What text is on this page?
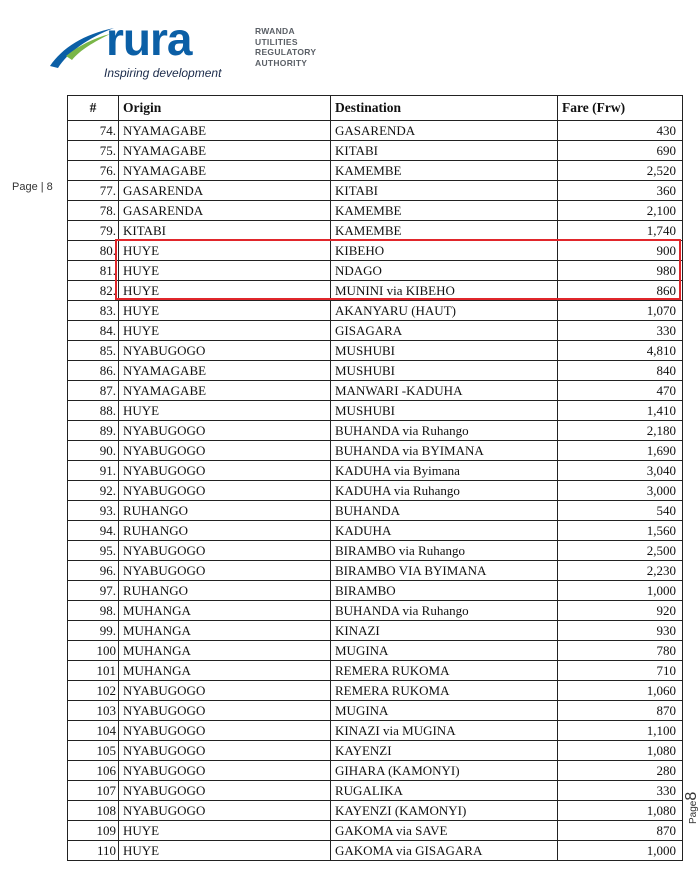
rura
Inspiring development
RWANDA
UTILITIES
REGULATORY
AUTHORITY
Page | 8
Page8
#	Origin	Destination	Fare (Frw)
74.	NYAMAGABE	GASARENDA	430
75.	NYAMAGABE	KITABI	690
76.	NYAMAGABE	KAMEMBE	2,520
77.	GASARENDA	KITABI	360
78.	GASARENDA	KAMEMBE	2,100
79.	KITABI	KAMEMBE	1,740
80.	HUYE	KIBEHO	900
81.	HUYE	NDAGO	980
82.	HUYE	MUNINI via KIBEHO	860
83.	HUYE	AKANYARU (HAUT)	1,070
84.	HUYE	GISAGARA	330
85.	NYABUGOGO	MUSHUBI	4,810
86.	NYAMAGABE	MUSHUBI	840
87.	NYAMAGABE	MANWARI -KADUHA	470
88.	HUYE	MUSHUBI	1,410
89.	NYABUGOGO	BUHANDA via Ruhango	2,180
90.	NYABUGOGO	BUHANDA via BYIMANA	1,690
91.	NYABUGOGO	KADUHA via Byimana	3,040
92.	NYABUGOGO	KADUHA via Ruhango	3,000
93.	RUHANGO	BUHANDA	540
94.	RUHANGO	KADUHA	1,560
95.	NYABUGOGO	BIRAMBO via Ruhango	2,500
96.	NYABUGOGO	BIRAMBO VIA BYIMANA	2,230
97.	RUHANGO	BIRAMBO	1,000
98.	MUHANGA	BUHANDA via Ruhango	920
99.	MUHANGA	KINAZI	930
100	MUHANGA	MUGINA	780
101	MUHANGA	REMERA RUKOMA	710
102	NYABUGOGO	REMERA RUKOMA	1,060
103	NYABUGOGO	MUGINA	870
104	NYABUGOGO	KINAZI via MUGINA	1,100
105	NYABUGOGO	KAYENZI	1,080
106	NYABUGOGO	GIHARA (KAMONYI)	280
107	NYABUGOGO	RUGALIKA	330
108	NYABUGOGO	KAYENZI (KAMONYI)	1,080
109	HUYE	GAKOMA via SAVE	870
110	HUYE	GAKOMA via GISAGARA	1,000
